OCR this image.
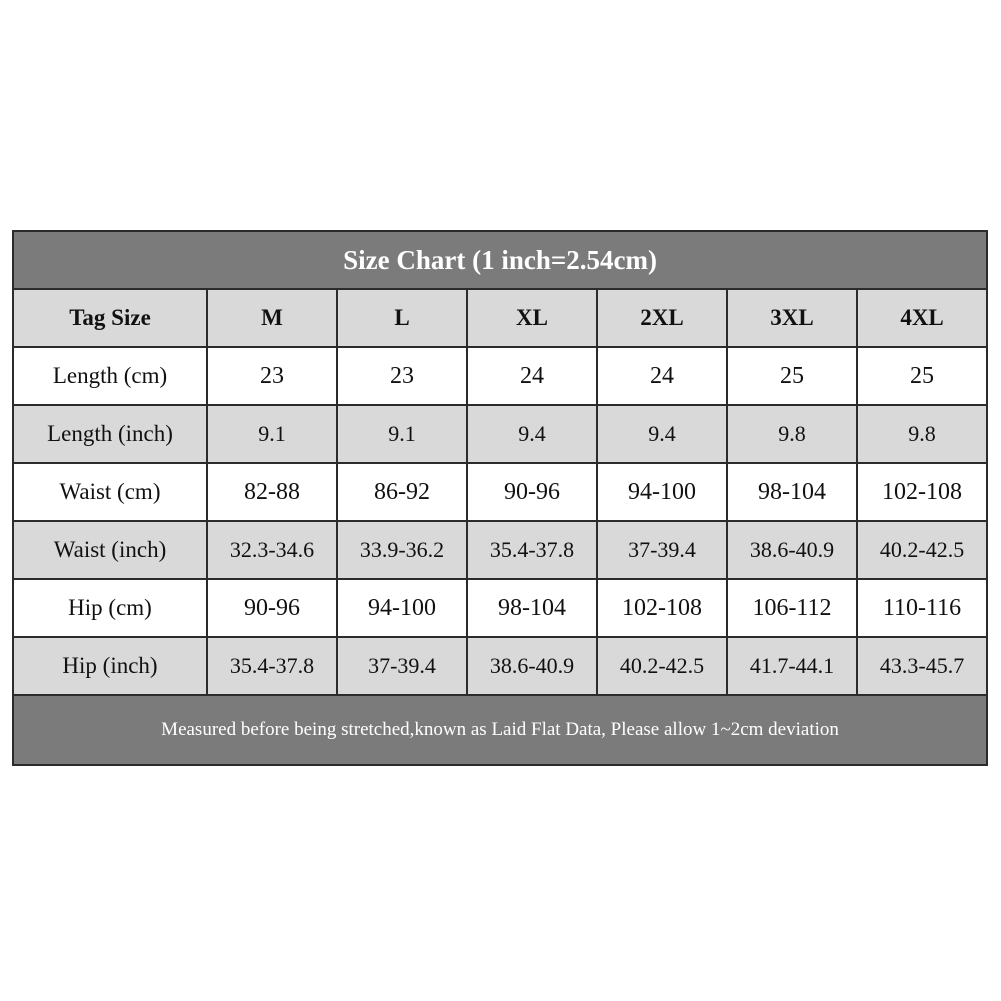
Size Chart (1 inch=2.54cm)						
Tag Size	M	L	XL	2XL	3XL	4XL
Length (cm)	23	23	24	24	25	25
Length (inch)	9.1	9.1	9.4	9.4	9.8	9.8
Waist (cm)	82-88	86-92	90-96	94-100	98-104	102-108
Waist (inch)	32.3-34.6	33.9-36.2	35.4-37.8	37-39.4	38.6-40.9	40.2-42.5
Hip (cm)	90-96	94-100	98-104	102-108	106-112	110-116
Hip (inch)	35.4-37.8	37-39.4	38.6-40.9	40.2-42.5	41.7-44.1	43.3-45.7
Measured before being stretched,known as Laid Flat Data, Please allow 1~2cm deviation						
